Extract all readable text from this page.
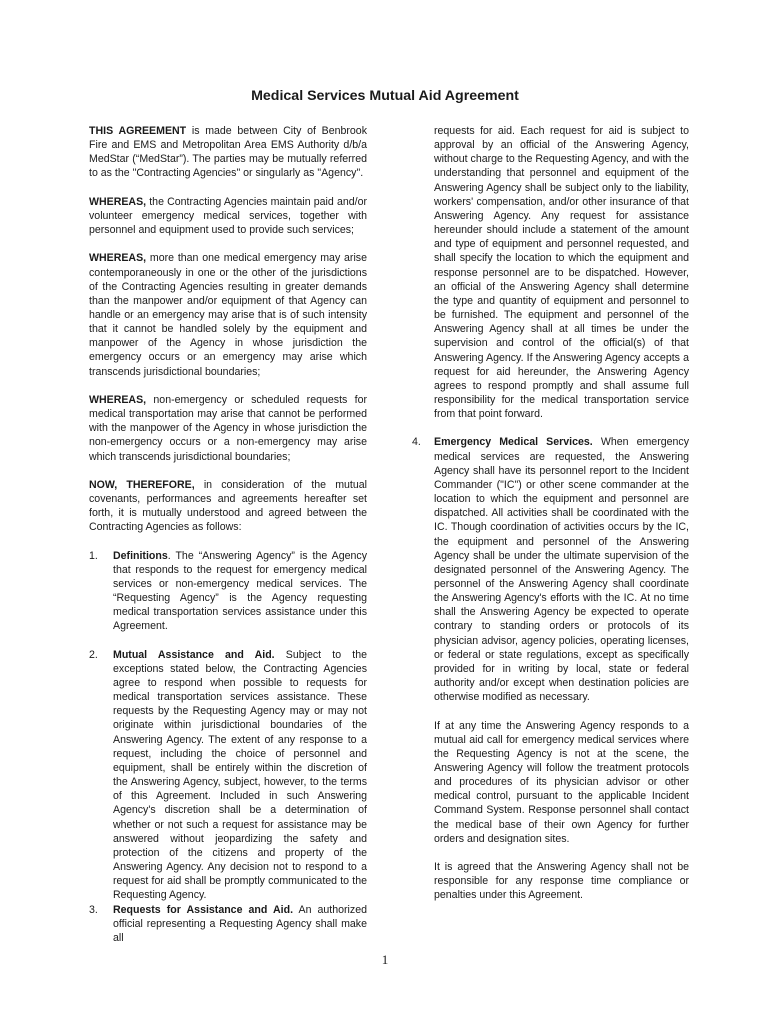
Medical Services Mutual Aid Agreement

THIS AGREEMENT is made between City of Benbrook Fire and EMS and Metropolitan Area EMS Authority d/b/a MedStar (“MedStar”). The parties may be mutually referred to as the "Contracting Agencies" or singularly as "Agency".

WHEREAS, the Contracting Agencies maintain paid and/or volunteer emergency medical services, together with personnel and equipment used to provide such services;

WHEREAS, more than one medical emergency may arise contemporaneously in one or the other of the jurisdictions of the Contracting Agencies resulting in greater demands than the manpower and/or equipment of that Agency can handle or an emergency may arise that is of such intensity that it cannot be handled solely by the equipment and manpower of the Agency in whose jurisdiction the emergency occurs or an emergency may arise which transcends jurisdictional boundaries;

WHEREAS, non-emergency or scheduled requests for medical transportation may arise that cannot be performed with the manpower of the Agency in whose jurisdiction the non-emergency occurs or a non-emergency may arise which transcends jurisdictional boundaries;

NOW, THEREFORE, in consideration of the mutual covenants, performances and agreements hereafter set forth, it is mutually understood and agreed between the Contracting Agencies as follows:

1. Definitions. The “Answering Agency” is the Agency that responds to the request for emergency medical services or non-emergency medical services. The “Requesting Agency” is the Agency requesting medical transportation services assistance under this Agreement.
2. Mutual Assistance and Aid. Subject to the exceptions stated below, the Contracting Agencies agree to respond when possible to requests for medical transportation services assistance. These requests by the Requesting Agency may or may not originate within jurisdictional boundaries of the Answering Agency. The extent of any response to a request, including the choice of personnel and equipment, shall be entirely within the discretion of the Answering Agency, subject, however, to the terms of this Agreement. Included in such Answering Agency's discretion shall be a determination of whether or not such a request for assistance may be answered without jeopardizing the safety and protection of the citizens and property of the Answering Agency. Any decision not to respond to a request for aid shall be promptly communicated to the Requesting Agency.
3. Requests for Assistance and Aid. An authorized official representing a Requesting Agency shall make all

requests for aid. Each request for aid is subject to approval by an official of the Answering Agency, without charge to the Requesting Agency, and with the understanding that personnel and equipment of the Answering Agency shall be subject only to the liability, workers' compensation, and/or other insurance of that Answering Agency. Any request for assistance hereunder should include a statement of the amount and type of equipment and personnel requested, and shall specify the location to which the equipment and response personnel are to be dispatched. However, an official of the Answering Agency shall determine the type and quantity of equipment and personnel to be furnished. The equipment and personnel of the Answering Agency shall at all times be under the supervision and control of the official(s) of that Answering Agency. If the Answering Agency accepts a request for aid hereunder, the Answering Agency agrees to respond promptly and shall assume full responsibility for the medical transportation service from that point forward.

4. Emergency Medical Services. When emergency medical services are requested, the Answering Agency shall have its personnel report to the Incident Commander ("IC") or other scene commander at the location to which the equipment and personnel are dispatched. All activities shall be coordinated with the IC. Though coordination of activities occurs by the IC, the equipment and personnel of the Answering Agency shall be under the ultimate supervision of the designated personnel of the Answering Agency. The personnel of the Answering Agency shall coordinate the Answering Agency's efforts with the IC. At no time shall the Answering Agency be expected to operate contrary to standing orders or protocols of its physician advisor, agency policies, operating licenses, or federal or state regulations, except as specifically provided for in writing by local, state or federal authority and/or except when destination policies are otherwise modified as necessary.

If at any time the Answering Agency responds to a mutual aid call for emergency medical services where the Requesting Agency is not at the scene, the Answering Agency will follow the treatment protocols and procedures of its physician advisor or other medical control, pursuant to the applicable Incident Command System. Response personnel shall contact the medical base of their own Agency for further orders and designation sites.

It is agreed that the Answering Agency shall not be responsible for any response time compliance or penalties under this Agreement.

1
